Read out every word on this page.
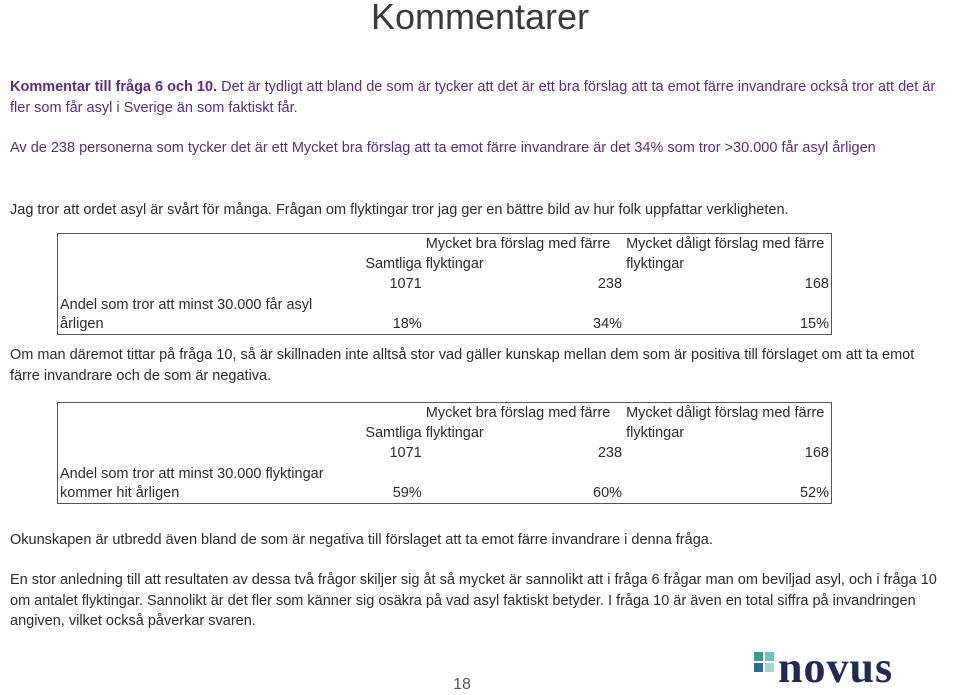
Kommentarer

Kommentar till fråga 6 och 10. Det är tydligt att bland de som är tycker att det är ett bra förslag att ta emot färre invandrare också tror att det är fler som får asyl i Sverige än som faktiskt får.

Av de 238 personerna som tycker det är ett Mycket bra förslag att ta emot färre invandrare är det 34% som tror >30.000 får asyl årligen

Jag tror att ordet asyl är svårt för många. Frågan om flyktingar tror jag ger en bättre bild av hur folk uppfattar verkligheten.

	Samtliga	Mycket bra förslag med färre flyktingar	Mycket dåligt förslag med färre flyktingar
	1071	238	168
Andel som tror att minst 30.000 får asyl årligen	18%	34%	15%

Om man däremot tittar på fråga 10, så är skillnaden inte alltså stor vad gäller kunskap mellan dem som är positiva till förslaget om att ta emot färre invandrare och de som är negativa.

	Samtliga	Mycket bra förslag med färre flyktingar	Mycket dåligt förslag med färre flyktingar
	1071	238	168
Andel som tror att minst 30.000 flyktingar kommer hit årligen	59%	60%	52%

Okunskapen är utbredd även bland de som är negativa till förslaget att ta emot färre invandrare i denna fråga.

En stor anledning till att resultaten av dessa två frågor skiljer sig åt så mycket är sannolikt att i fråga 6 frågar man om beviljad asyl, och i fråga 10 om antalet flyktingar. Sannolikt är det fler som känner sig osäkra på vad asyl faktiskt betyder. I fråga 10 är även en total siffra på invandringen angiven, vilket också påverkar svaren.

novus
18
